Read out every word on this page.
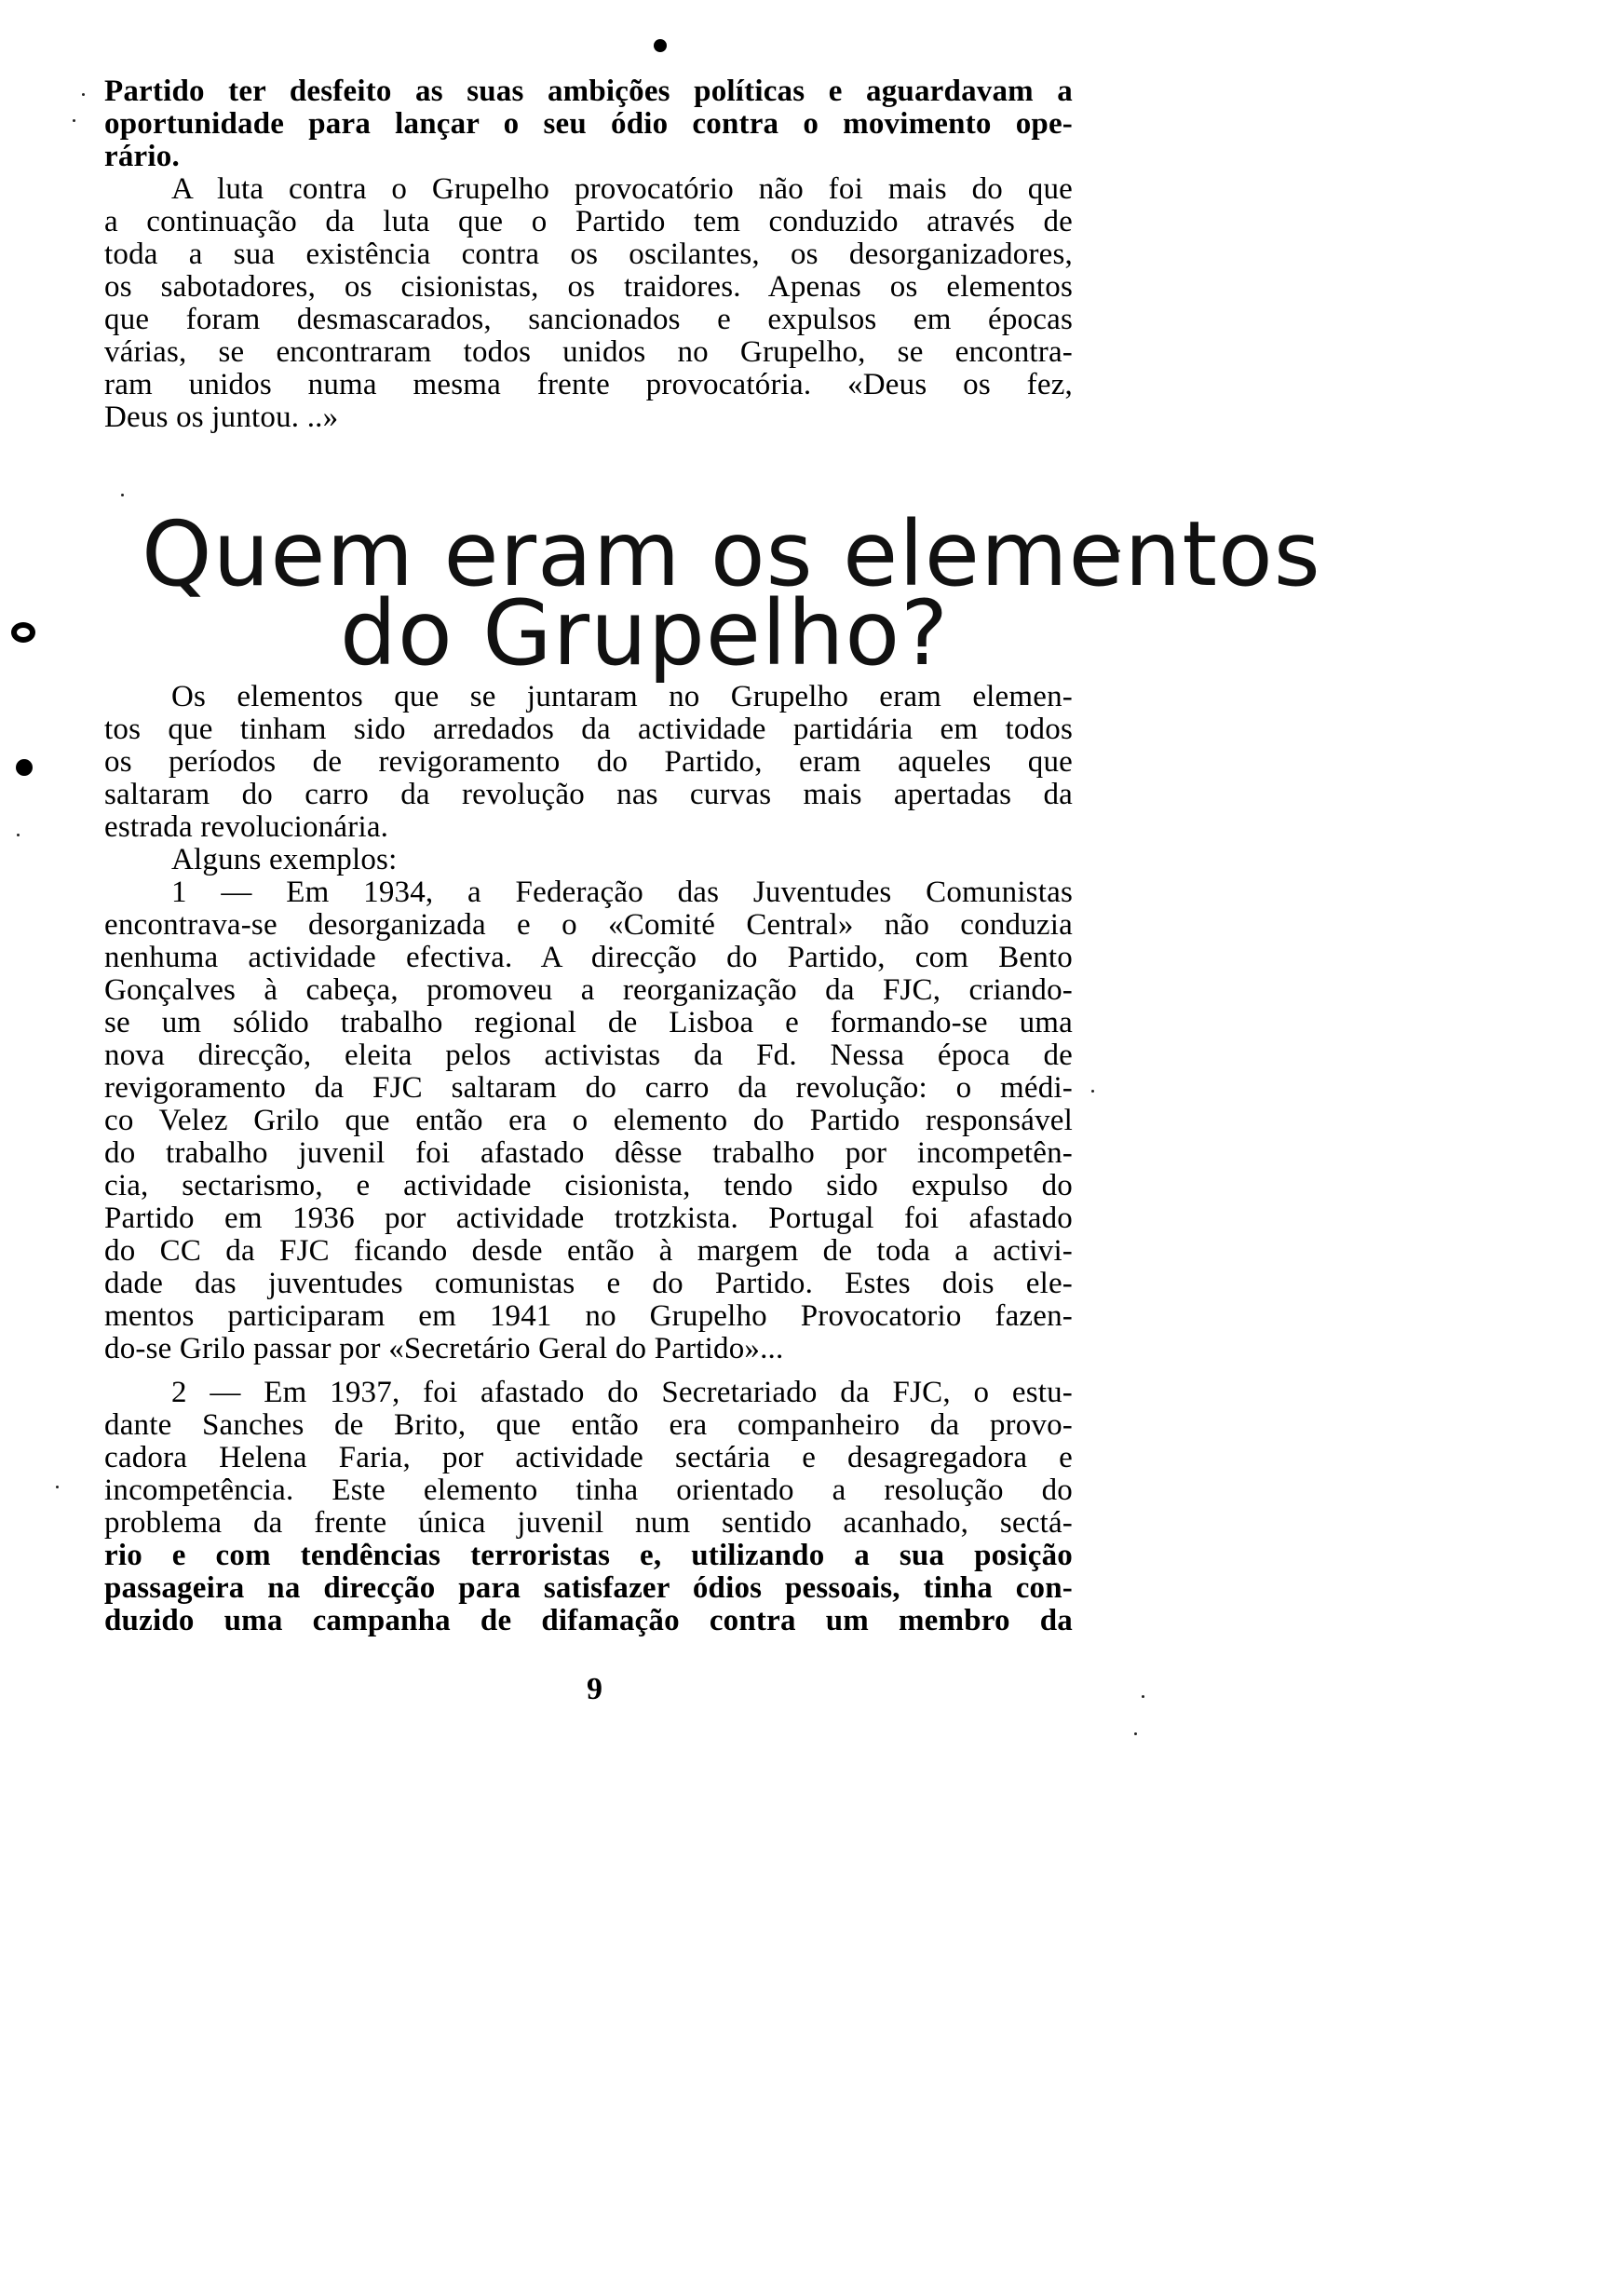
Partido ter desfeito as suas ambições políticas e aguardavam a
oportunidade para lançar o seu ódio contra o movimento ope-
rário.
A luta contra o Grupelho provocatório não foi mais do que
a continuação da luta que o Partido tem conduzido através de
toda a sua existência contra os oscilantes, os desorganizadores,
os sabotadores, os cisionistas, os traidores. Apenas os elementos
que foram desmascarados, sancionados e expulsos em épocas
várias, se encontraram todos unidos no Grupelho, se encontra-
ram unidos numa mesma frente provocatória. «Deus os fez,
Deus os juntou. ..»
Quem eram os elementos
do Grupelho?
Os elementos que se juntaram no Grupelho eram elemen-
tos que tinham sido arredados da actividade partidária em todos
os períodos de revigoramento do Partido, eram aqueles que
saltaram do carro da revolução nas curvas mais apertadas da
estrada revolucionária.
Alguns exemplos:
1 — Em 1934, a Federação das Juventudes Comunistas
encontrava-se desorganizada e o «Comité Central» não conduzia
nenhuma actividade efectiva. A direcção do Partido, com Bento
Gonçalves à cabeça, promoveu a reorganização da FJC, criando-
se um sólido trabalho regional de Lisboa e formando-se uma
nova direcção, eleita pelos activistas da Fd. Nessa época de
revigoramento da FJC saltaram do carro da revolução: o médi-
co Velez Grilo que então era o elemento do Partido responsável
do trabalho juvenil foi afastado dêsse trabalho por incompetên-
cia, sectarismo, e actividade cisionista, tendo sido expulso do
Partido em 1936 por actividade trotzkista. Portugal foi afastado
do CC da FJC ficando desde então à margem de toda a activi-
dade das juventudes comunistas e do Partido. Estes dois ele-
mentos participaram em 1941 no Grupelho Provocatorio fazen-
do-se Grilo passar por «Secretário Geral do Partido»...
2 — Em 1937, foi afastado do Secretariado da FJC, o estu-
dante Sanches de Brito, que então era companheiro da provo-
cadora Helena Faria, por actividade sectária e desagregadora e
incompetência. Este elemento tinha orientado a resolução do
problema da frente única juvenil num sentido acanhado, sectá-
rio e com tendências terroristas e, utilizando a sua posição
passageira na direcção para satisfazer ódios pessoais, tinha con-
duzido uma campanha de difamação contra um membro da
9
